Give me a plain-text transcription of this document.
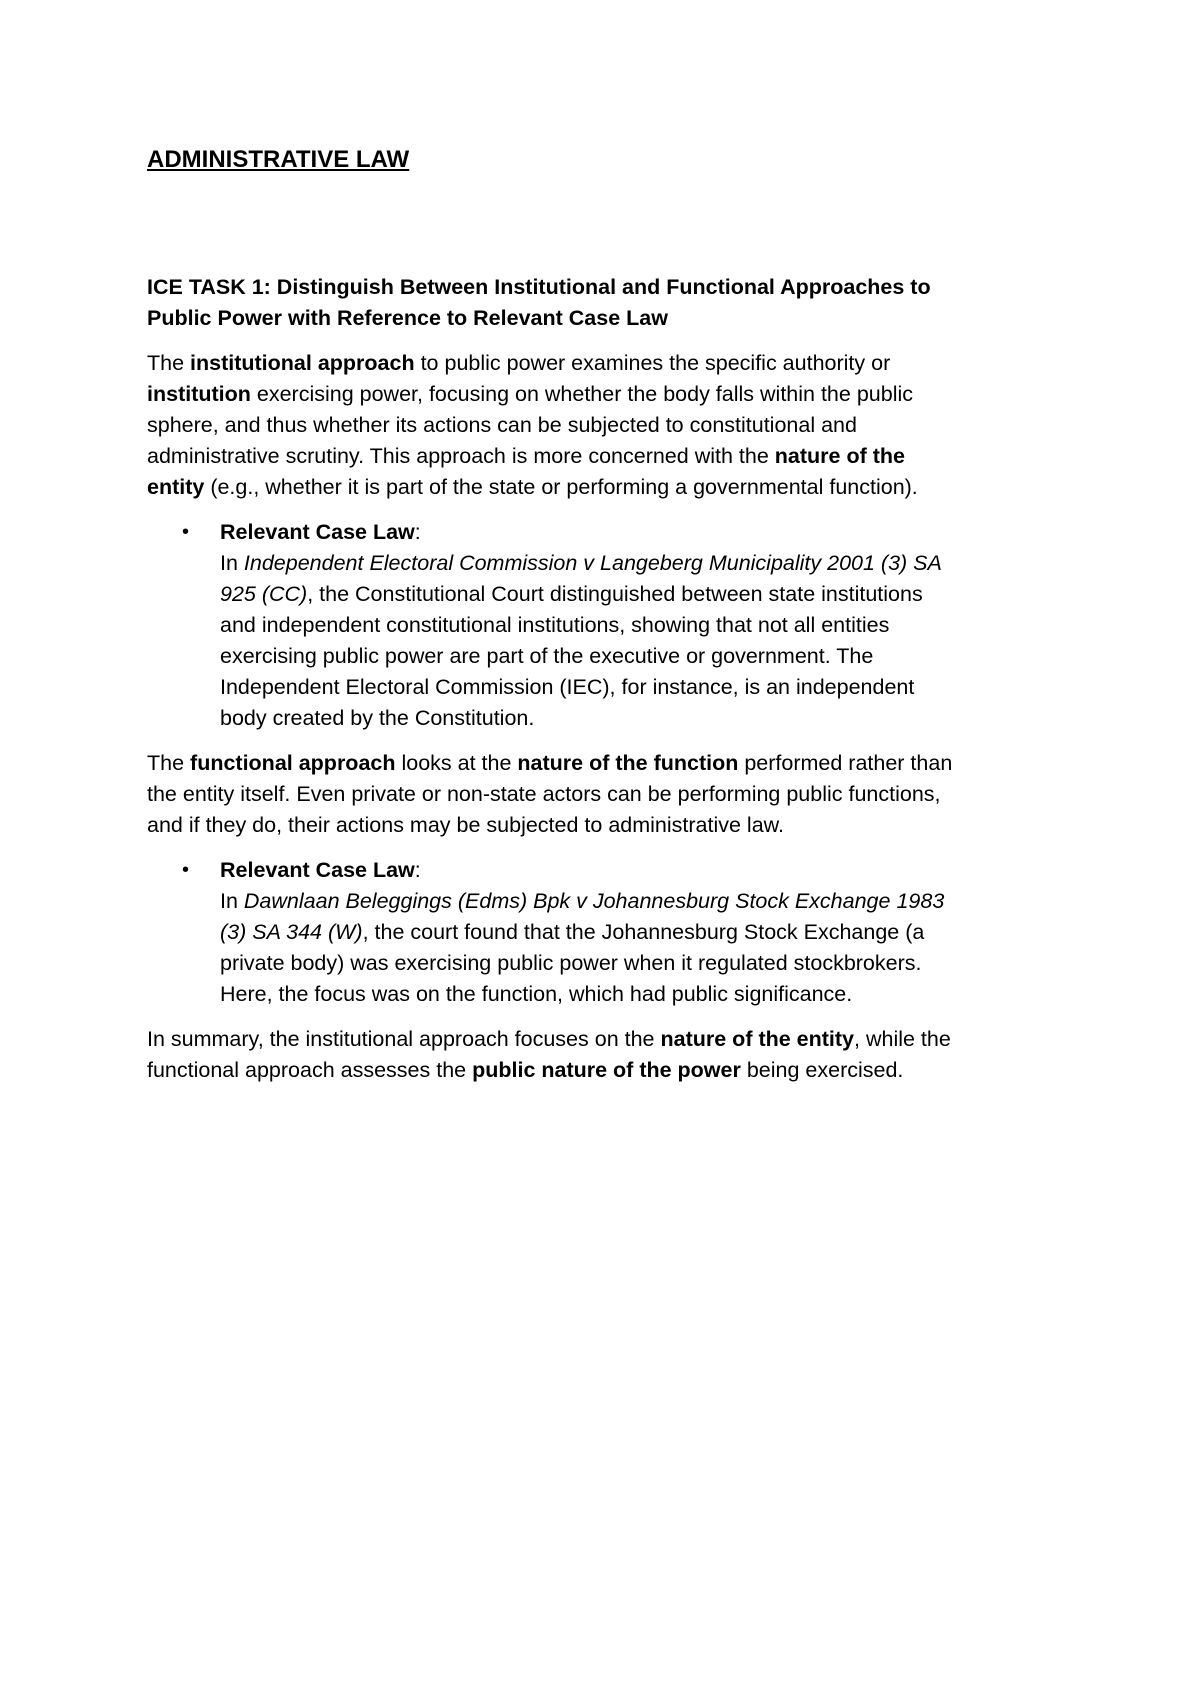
ADMINISTRATIVE LAW
ICE TASK 1: Distinguish Between Institutional and Functional Approaches to
Public Power with Reference to Relevant Case Law

The institutional approach to public power examines the specific authority or
institution exercising power, focusing on whether the body falls within the public
sphere, and thus whether its actions can be subjected to constitutional and
administrative scrutiny. This approach is more concerned with the nature of the
entity (e.g., whether it is part of the state or performing a governmental function).

• Relevant Case Law:
In Independent Electoral Commission v Langeberg Municipality 2001 (3) SA
925 (CC), the Constitutional Court distinguished between state institutions
and independent constitutional institutions, showing that not all entities
exercising public power are part of the executive or government. The
Independent Electoral Commission (IEC), for instance, is an independent
body created by the Constitution.

The functional approach looks at the nature of the function performed rather than
the entity itself. Even private or non-state actors can be performing public functions,
and if they do, their actions may be subjected to administrative law.

• Relevant Case Law:
In Dawnlaan Beleggings (Edms) Bpk v Johannesburg Stock Exchange 1983
(3) SA 344 (W), the court found that the Johannesburg Stock Exchange (a
private body) was exercising public power when it regulated stockbrokers.
Here, the focus was on the function, which had public significance.

In summary, the institutional approach focuses on the nature of the entity, while the
functional approach assesses the public nature of the power being exercised.
